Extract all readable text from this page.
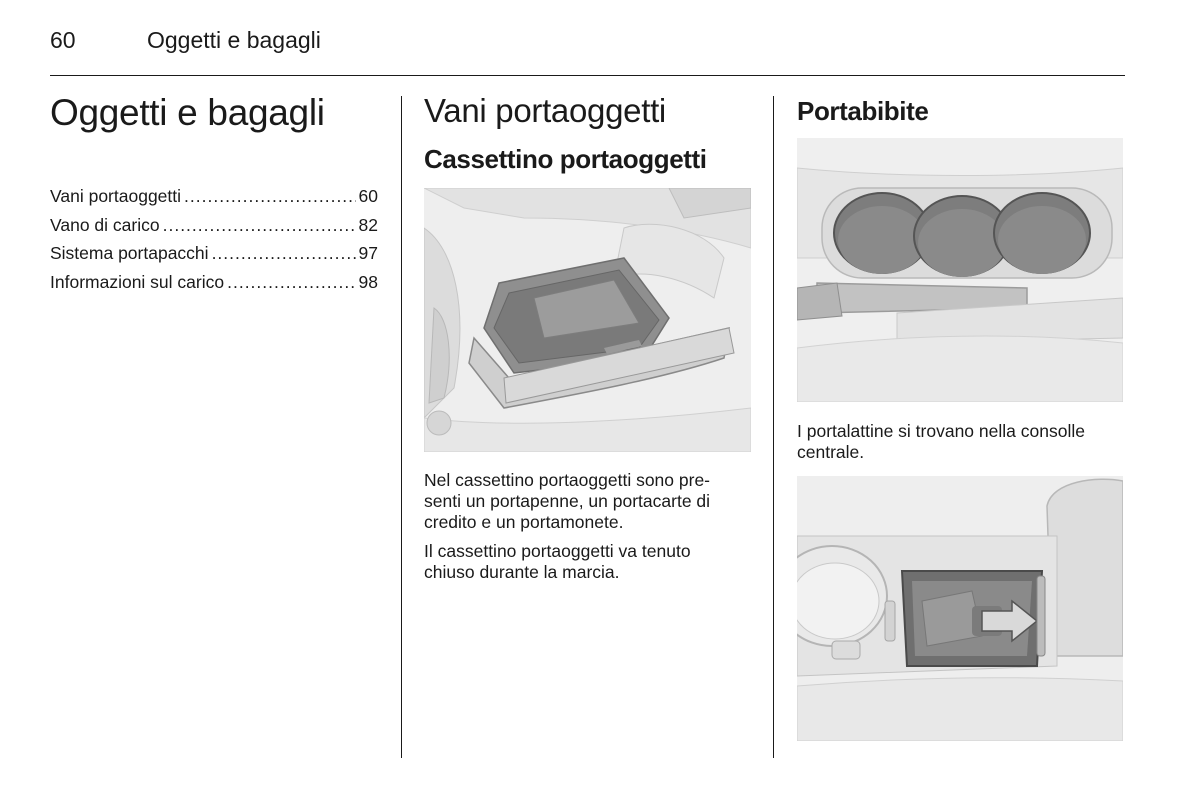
60	Oggetti e bagagli
Oggetti e bagagli
Vani portaoggetti .....	60
Vano di carico .....	82
Sistema portapacchi .....	97
Informazioni sul carico .....	98
Vani portaoggetti
Cassettino portaoggetti

Nel cassettino portaoggetti sono pre-
senti un portapenne, un portacarte di
credito e un portamonete.

Il cassettino portaoggetti va tenuto
chiuso durante la marcia.

Portabibite

I portalattine si trovano nella consolle
centrale.
